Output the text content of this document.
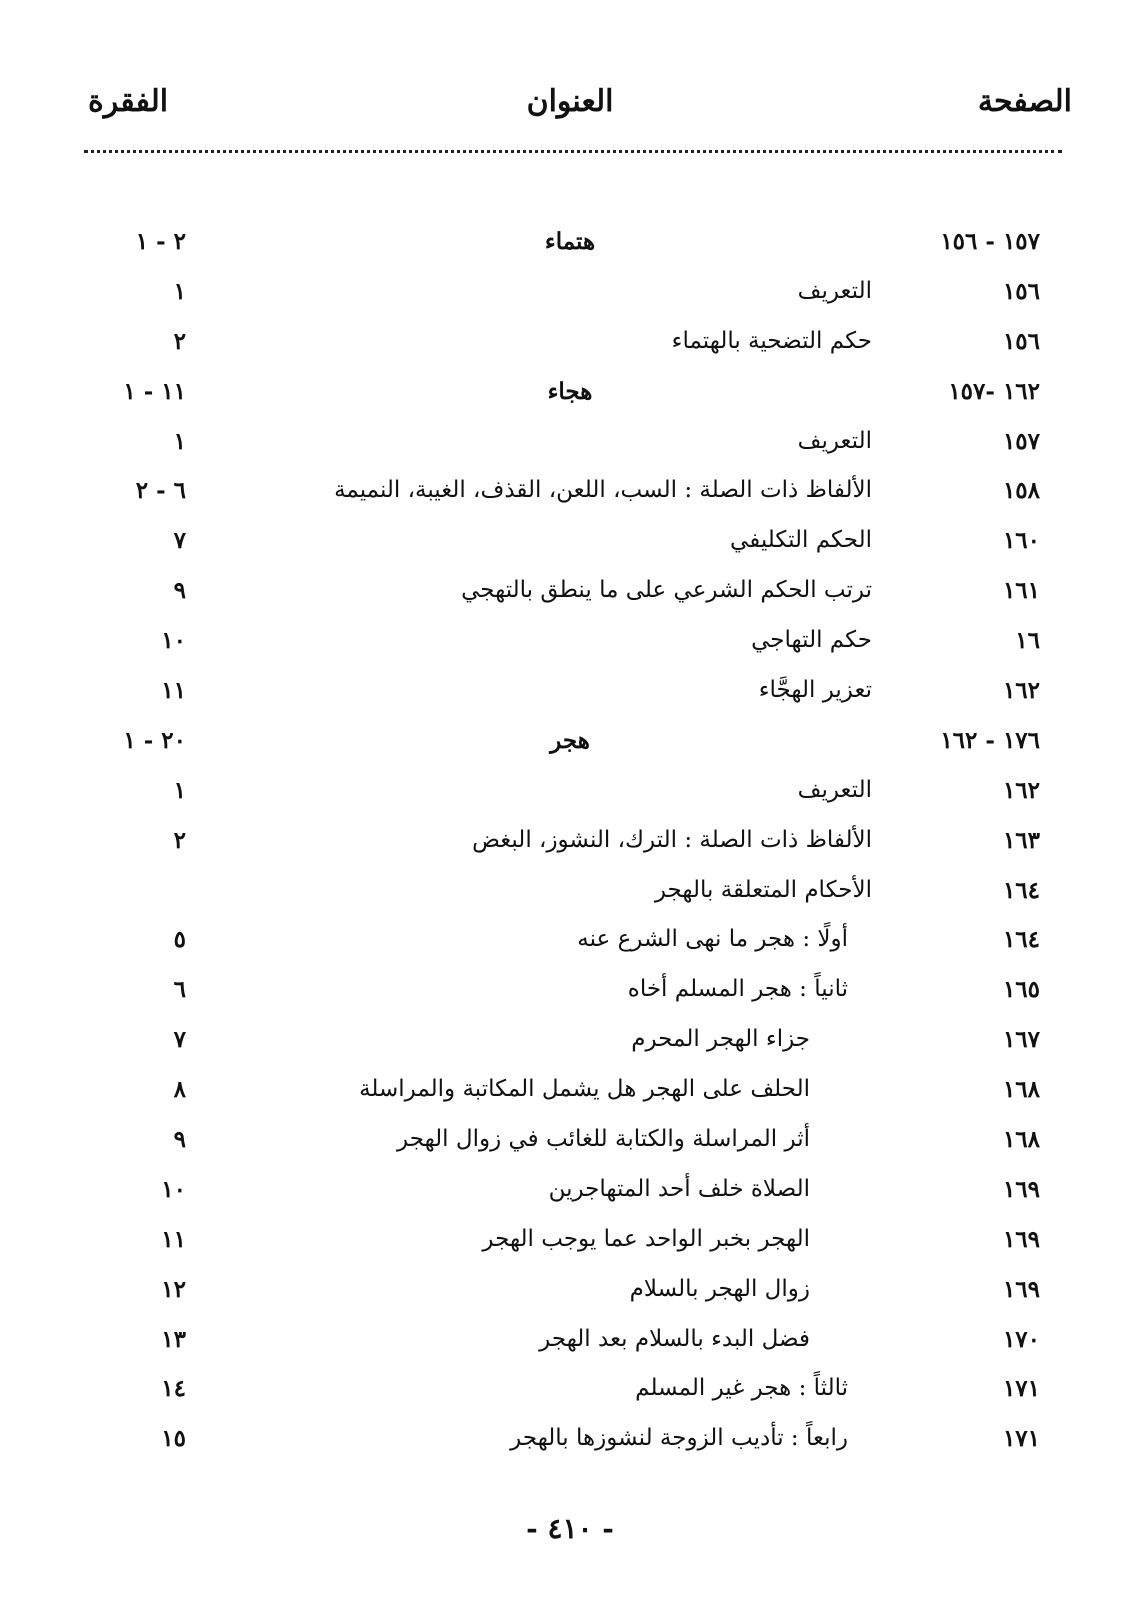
الصفحة
العنوان
الفقرة
١٥٧ - ١٥٦
هتماء
٢ - ١
١٥٦
التعريف
١
١٥٦
حكم التضحية بالهتماء
٢
١٦٢ -١٥٧
هجاء
١١ - ١
١٥٧
التعريف
١
١٥٨
الألفاظ ذات الصلة : السب، اللعن، القذف، الغيبة، النميمة
٦ - ٢
١٦٠
الحكم التكليفي
٧
١٦١
ترتب الحكم الشرعي على ما ينطق بالتهجي
٩
١٦
حكم التهاجي
١٠
١٦٢
تعزير الهجَّاء
١١
١٧٦ - ١٦٢
هجر
٢٠ - ١
١٦٢
التعريف
١
١٦٣
الألفاظ ذات الصلة : الترك، النشوز، البغض
٢
١٦٤
الأحكام المتعلقة بالهجر
١٦٤
أولًا : هجر ما نهى الشرع عنه
٥
١٦٥
ثانياً : هجر المسلم أخاه
٦
١٦٧
جزاء الهجر المحرم
٧
١٦٨
الحلف على الهجر هل يشمل المكاتبة والمراسلة
٨
١٦٨
أثر المراسلة والكتابة للغائب في زوال الهجر
٩
١٦٩
الصلاة خلف أحد المتهاجرين
١٠
١٦٩
الهجر بخبر الواحد عما يوجب الهجر
١١
١٦٩
زوال الهجر بالسلام
١٢
١٧٠
فضل البدء بالسلام بعد الهجر
١٣
١٧١
ثالثاً : هجر غير المسلم
١٤
١٧١
رابعاً : تأديب الزوجة لنشوزها بالهجر
١٥
- ٤١٠ -
